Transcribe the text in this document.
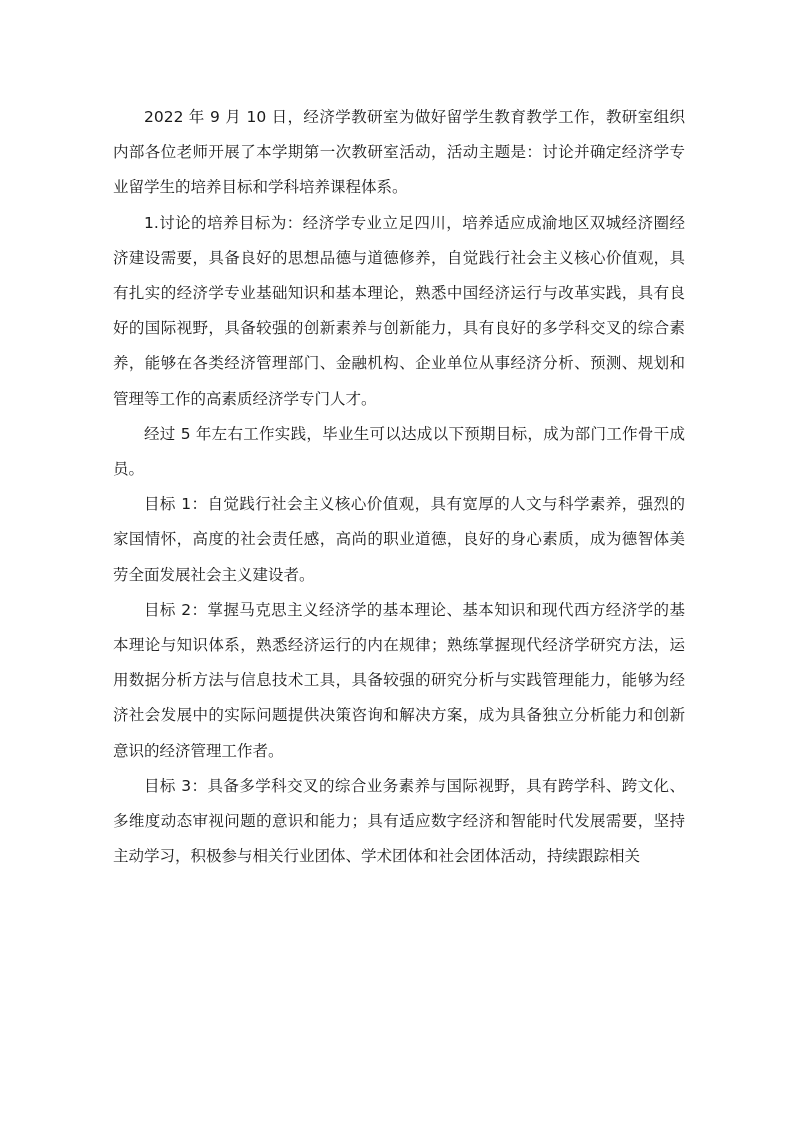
2022 年 9 月 10 日，经济学教研室为做好留学生教育教学工作，教研室组织内部各位老师开展了本学期第一次教研室活动，活动主题是：讨论并确定经济学专业留学生的培养目标和学科培养课程体系。

1.讨论的培养目标为：经济学专业立足四川，培养适应成渝地区双城经济圈经济建设需要，具备良好的思想品德与道德修养，自觉践行社会主义核心价值观，具有扎实的经济学专业基础知识和基本理论，熟悉中国经济运行与改革实践，具有良好的国际视野，具备较强的创新素养与创新能力，具有良好的多学科交叉的综合素养，能够在各类经济管理部门、金融机构、企业单位从事经济分析、预测、规划和管理等工作的高素质经济学专门人才。

经过 5 年左右工作实践，毕业生可以达成以下预期目标，成为部门工作骨干成员。

目标 1：自觉践行社会主义核心价值观，具有宽厚的人文与科学素养，强烈的家国情怀，高度的社会责任感，高尚的职业道德，良好的身心素质，成为德智体美劳全面发展社会主义建设者。

目标 2：掌握马克思主义经济学的基本理论、基本知识和现代西方经济学的基本理论与知识体系，熟悉经济运行的内在规律；熟练掌握现代经济学研究方法，运用数据分析方法与信息技术工具，具备较强的研究分析与实践管理能力，能够为经济社会发展中的实际问题提供决策咨询和解决方案，成为具备独立分析能力和创新意识的经济管理工作者。

目标 3：具备多学科交叉的综合业务素养与国际视野，具有跨学科、跨文化、多维度动态审视问题的意识和能力；具有适应数字经济和智能时代发展需要，坚持主动学习，积极参与相关行业团体、学术团体和社会团体活动，持续跟踪相关
